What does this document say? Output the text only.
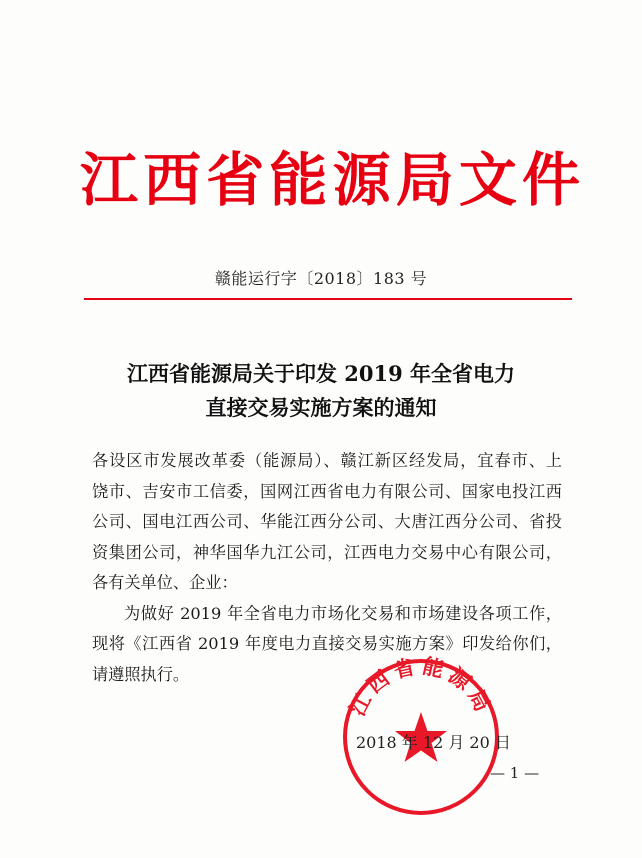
江 西 省 能 源 局 文 件
赣能运行字〔2018〕183 号
江西省能源局关于印发 2019 年全省电力
直接交易实施方案的通知
各设区市发展改革委（能源局）、赣江新区经发局，宜春市、上
饶市、吉安市工信委，国网江西省电力有限公司、国家电投江西
公司、国电江西公司、华能江西分公司、大唐江西分公司、省投
资集团公司，神华国华九江公司，江西电力交易中心有限公司，
各有关单位、企业：
为做好 2019 年全省电力市场化交易和市场建设各项工作，
现将《江西省 2019 年度电力直接交易实施方案》印发给你们，
请遵照执行。
江西省能源局
2018 年 12 月 20 日
— 1 —
